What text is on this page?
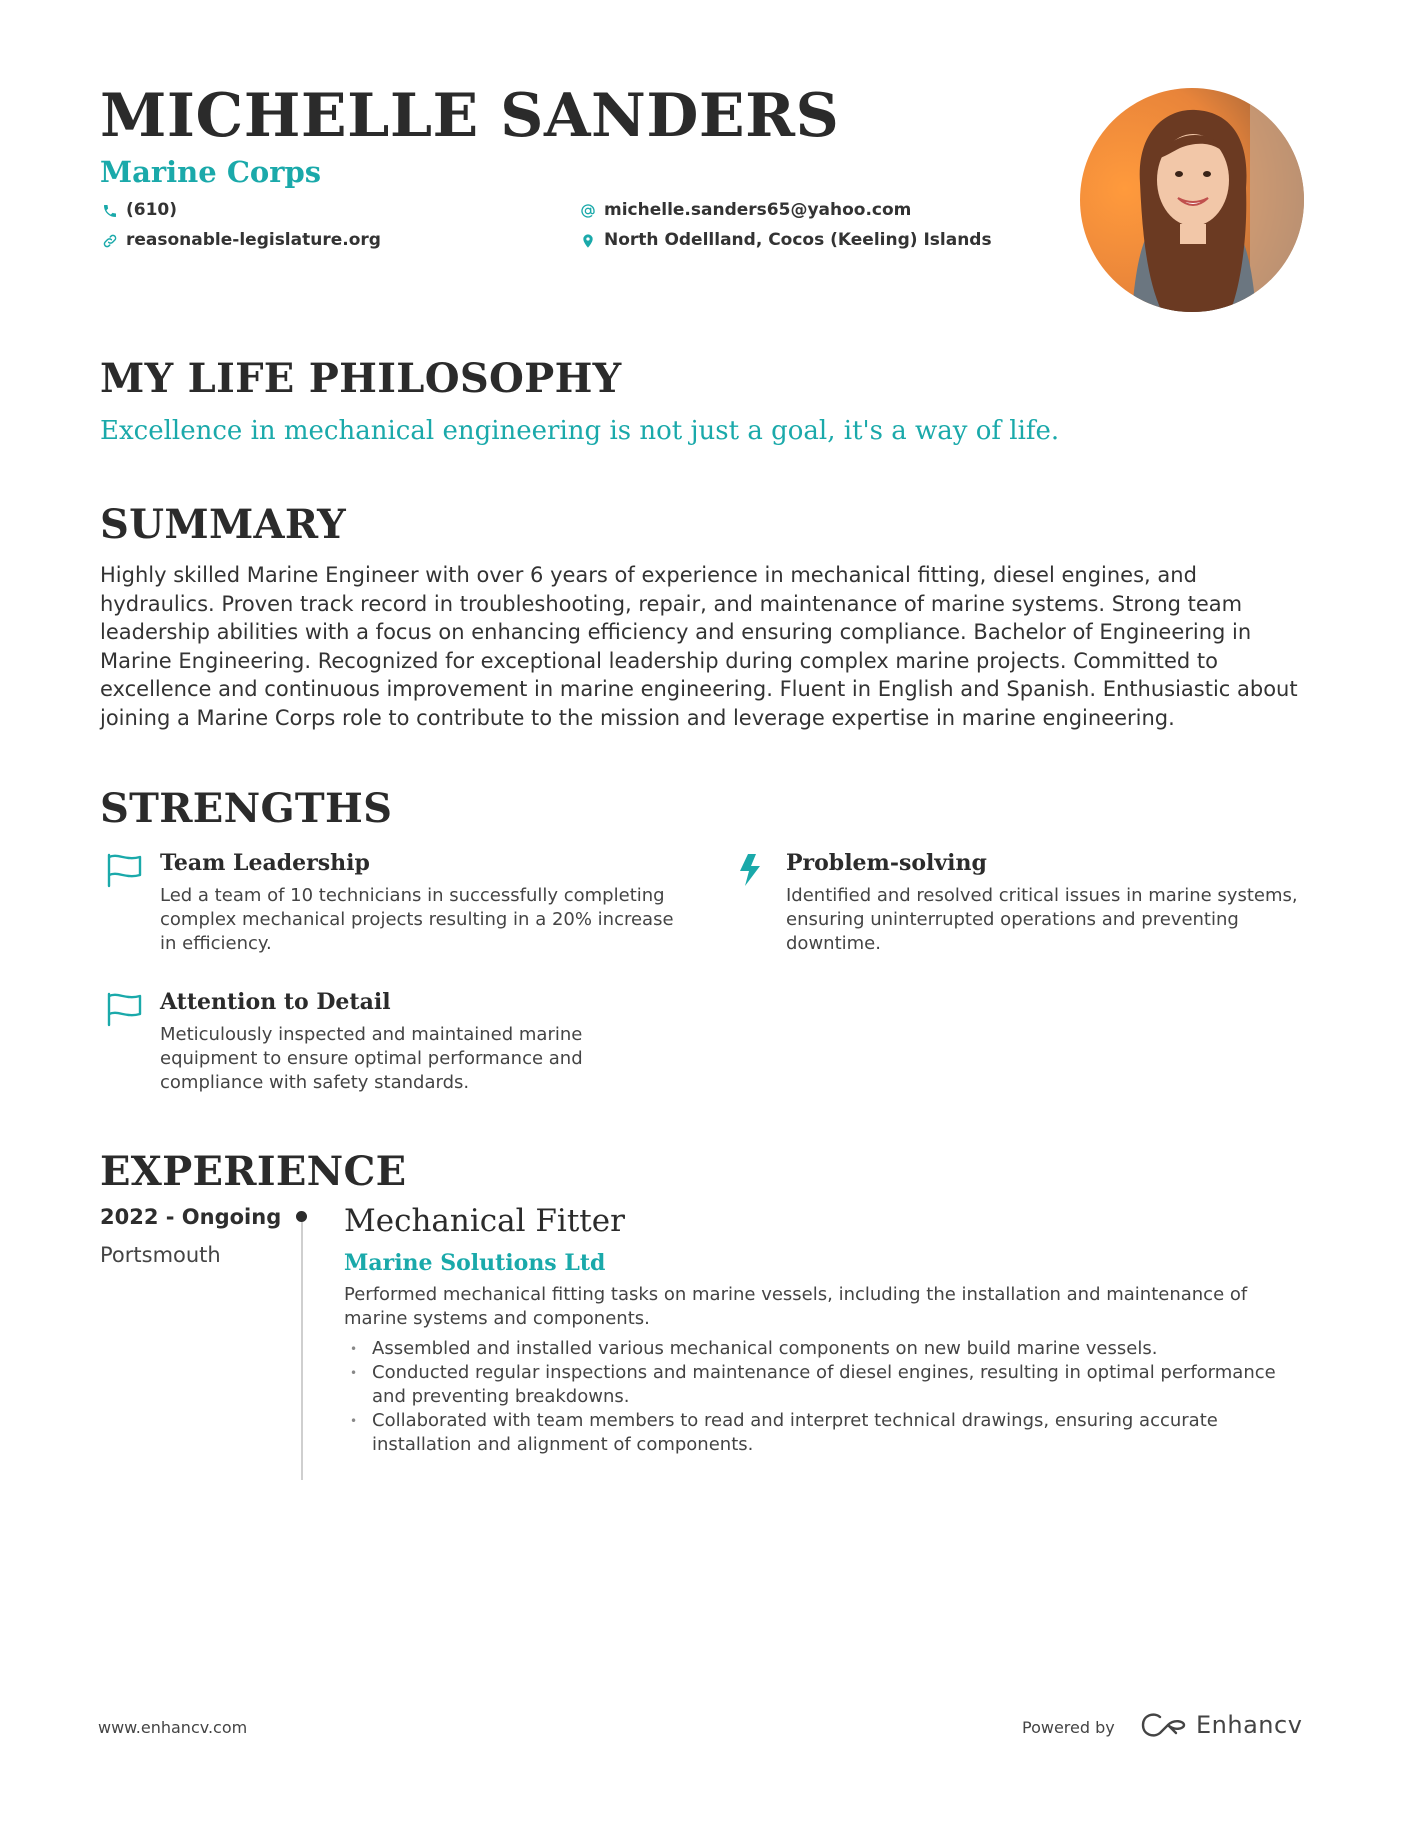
MICHELLE SANDERS
Marine Corps
(610)
reasonable-legislature.org
michelle.sanders65@yahoo.com
North Odellland, Cocos (Keeling) Islands
MY LIFE PHILOSOPHY
Excellence in mechanical engineering is not just a goal, it's a way of life.
SUMMARY

Highly skilled Marine Engineer with over 6 years of experience in mechanical fitting, diesel engines, and hydraulics. Proven track record in troubleshooting, repair, and maintenance of marine systems. Strong team leadership abilities with a focus on enhancing efficiency and ensuring compliance. Bachelor of Engineering in Marine Engineering. Recognized for exceptional leadership during complex marine projects. Committed to excellence and continuous improvement in marine engineering. Fluent in English and Spanish. Enthusiastic about joining a Marine Corps role to contribute to the mission and leverage expertise in marine engineering.

STRENGTHS

Team Leadership

Led a team of 10 technicians in successfully completing complex mechanical projects resulting in a 20% increase in efficiency.

Problem-solving

Identified and resolved critical issues in marine systems, ensuring uninterrupted operations and preventing downtime.

Attention to Detail

Meticulously inspected and maintained marine equipment to ensure optimal performance and compliance with safety standards.

EXPERIENCE
2022 - Ongoing
Portsmouth
Mechanical Fitter
Marine Solutions Ltd

Performed mechanical fitting tasks on marine vessels, including the installation and maintenance of marine systems and components.

• Assembled and installed various mechanical components on new build marine vessels.
• Conducted regular inspections and maintenance of diesel engines, resulting in optimal performance and preventing breakdowns.
• Collaborated with team members to read and interpret technical drawings, ensuring accurate installation and alignment of components.
www.enhancv.com	Powered by	Enhancv
